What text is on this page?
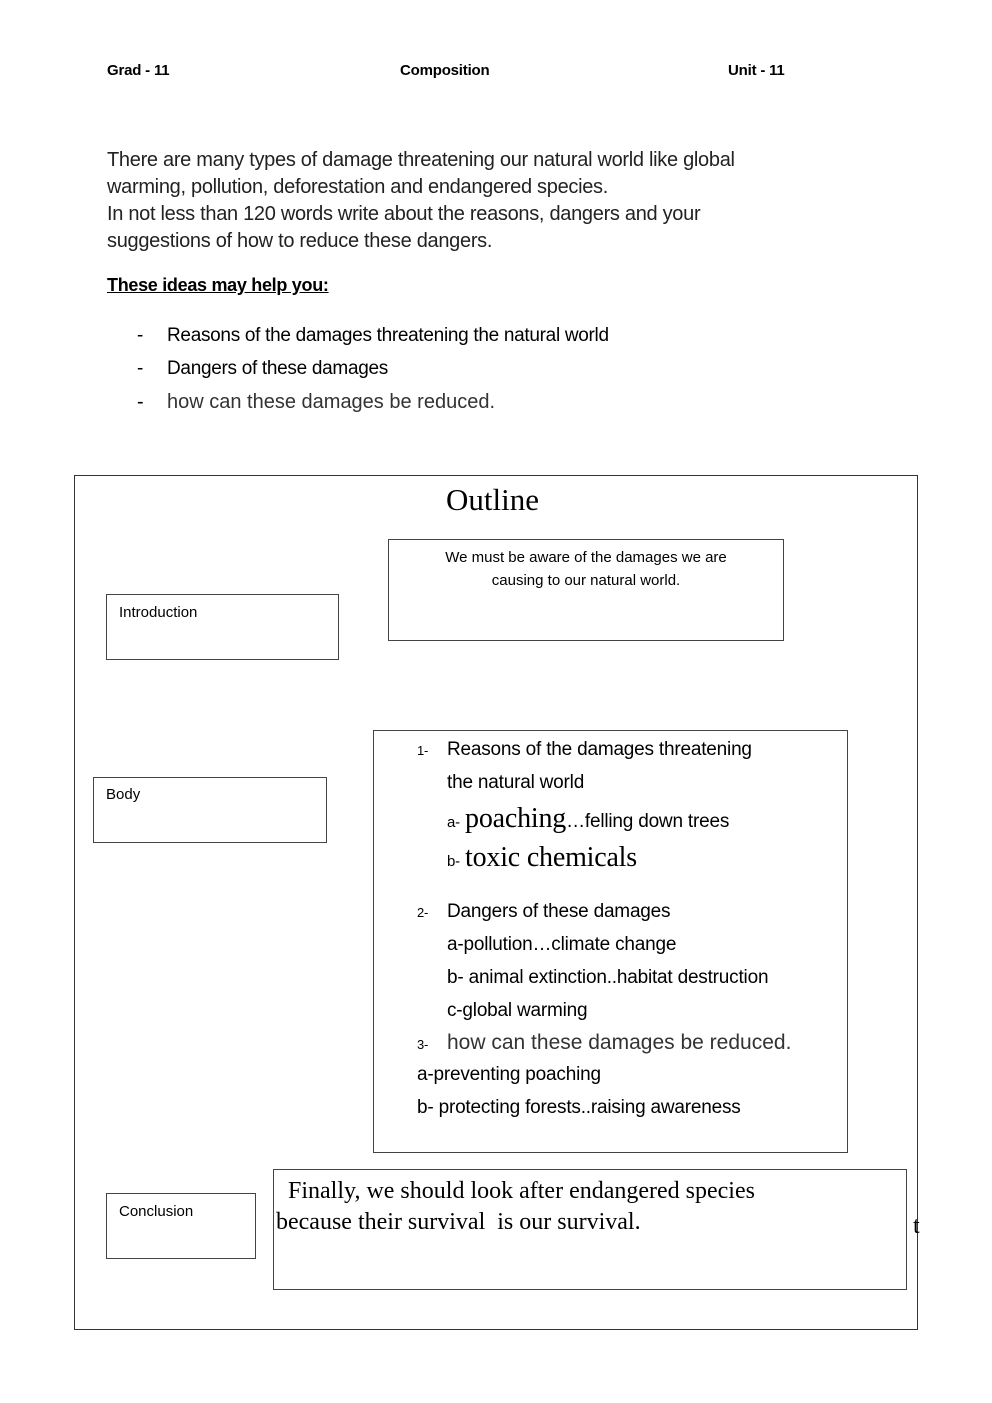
Grad - 11	Composition	Unit - 11
There are many types of damage threatening our natural world like global
warming, pollution, deforestation and endangered species.
In not less than 120 words write about the reasons, dangers and your
suggestions of how to reduce these dangers.
These ideas may help you:
- Reasons of the damages threatening the natural world
- Dangers of these damages
- how can these damages be reduced.
Outline
We must be aware of the damages we are
causing to our natural world.
Introduction
Body
1- Reasons of the damages threatening
the natural world
a- poaching…felling down trees
b- toxic chemicals
2- Dangers of these damages
a-pollution…climate change
b- animal extinction..habitat destruction
c-global warming
3- how can these damages be reduced.
a-preventing poaching
b- protecting forests..raising awareness
Conclusion
Finally, we should look after endangered species
because their survival  is our survival.	t
